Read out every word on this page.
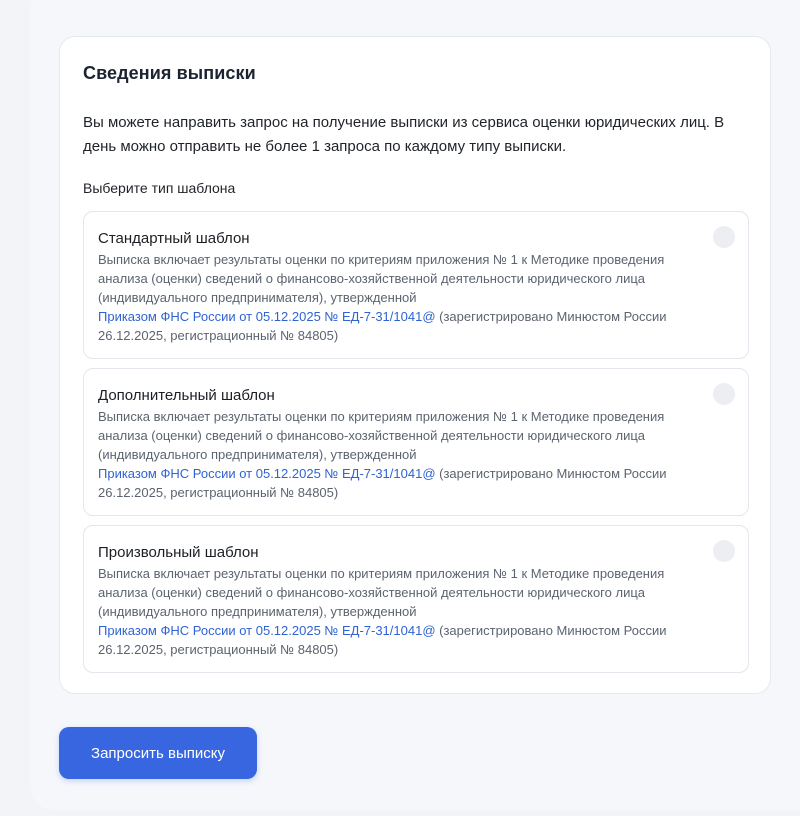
Сведения выписки
Вы можете направить запрос на получение выписки из сервиса оценки юридических лиц. В день можно отправить не более 1 запроса по каждому типу выписки.
Выберите тип шаблона
Стандартный шаблон
Выписка включает результаты оценки по критериям приложения № 1 к Методике проведения анализа (оценки) сведений о финансово-хозяйственной деятельности юридического лица (индивидуального предпринимателя), утвержденной
Приказом ФНС России от 05.12.2025 № ЕД-7-31/1041@ (зарегистрировано Минюстом России 26.12.2025, регистрационный № 84805)
Дополнительный шаблон
Выписка включает результаты оценки по критериям приложения № 1 к Методике проведения анализа (оценки) сведений о финансово-хозяйственной деятельности юридического лица (индивидуального предпринимателя), утвержденной
Приказом ФНС России от 05.12.2025 № ЕД-7-31/1041@ (зарегистрировано Минюстом России 26.12.2025, регистрационный № 84805)
Произвольный шаблон
Выписка включает результаты оценки по критериям приложения № 1 к Методике проведения анализа (оценки) сведений о финансово-хозяйственной деятельности юридического лица (индивидуального предпринимателя), утвержденной
Приказом ФНС России от 05.12.2025 № ЕД-7-31/1041@ (зарегистрировано Минюстом России 26.12.2025, регистрационный № 84805)
Запросить выписку
